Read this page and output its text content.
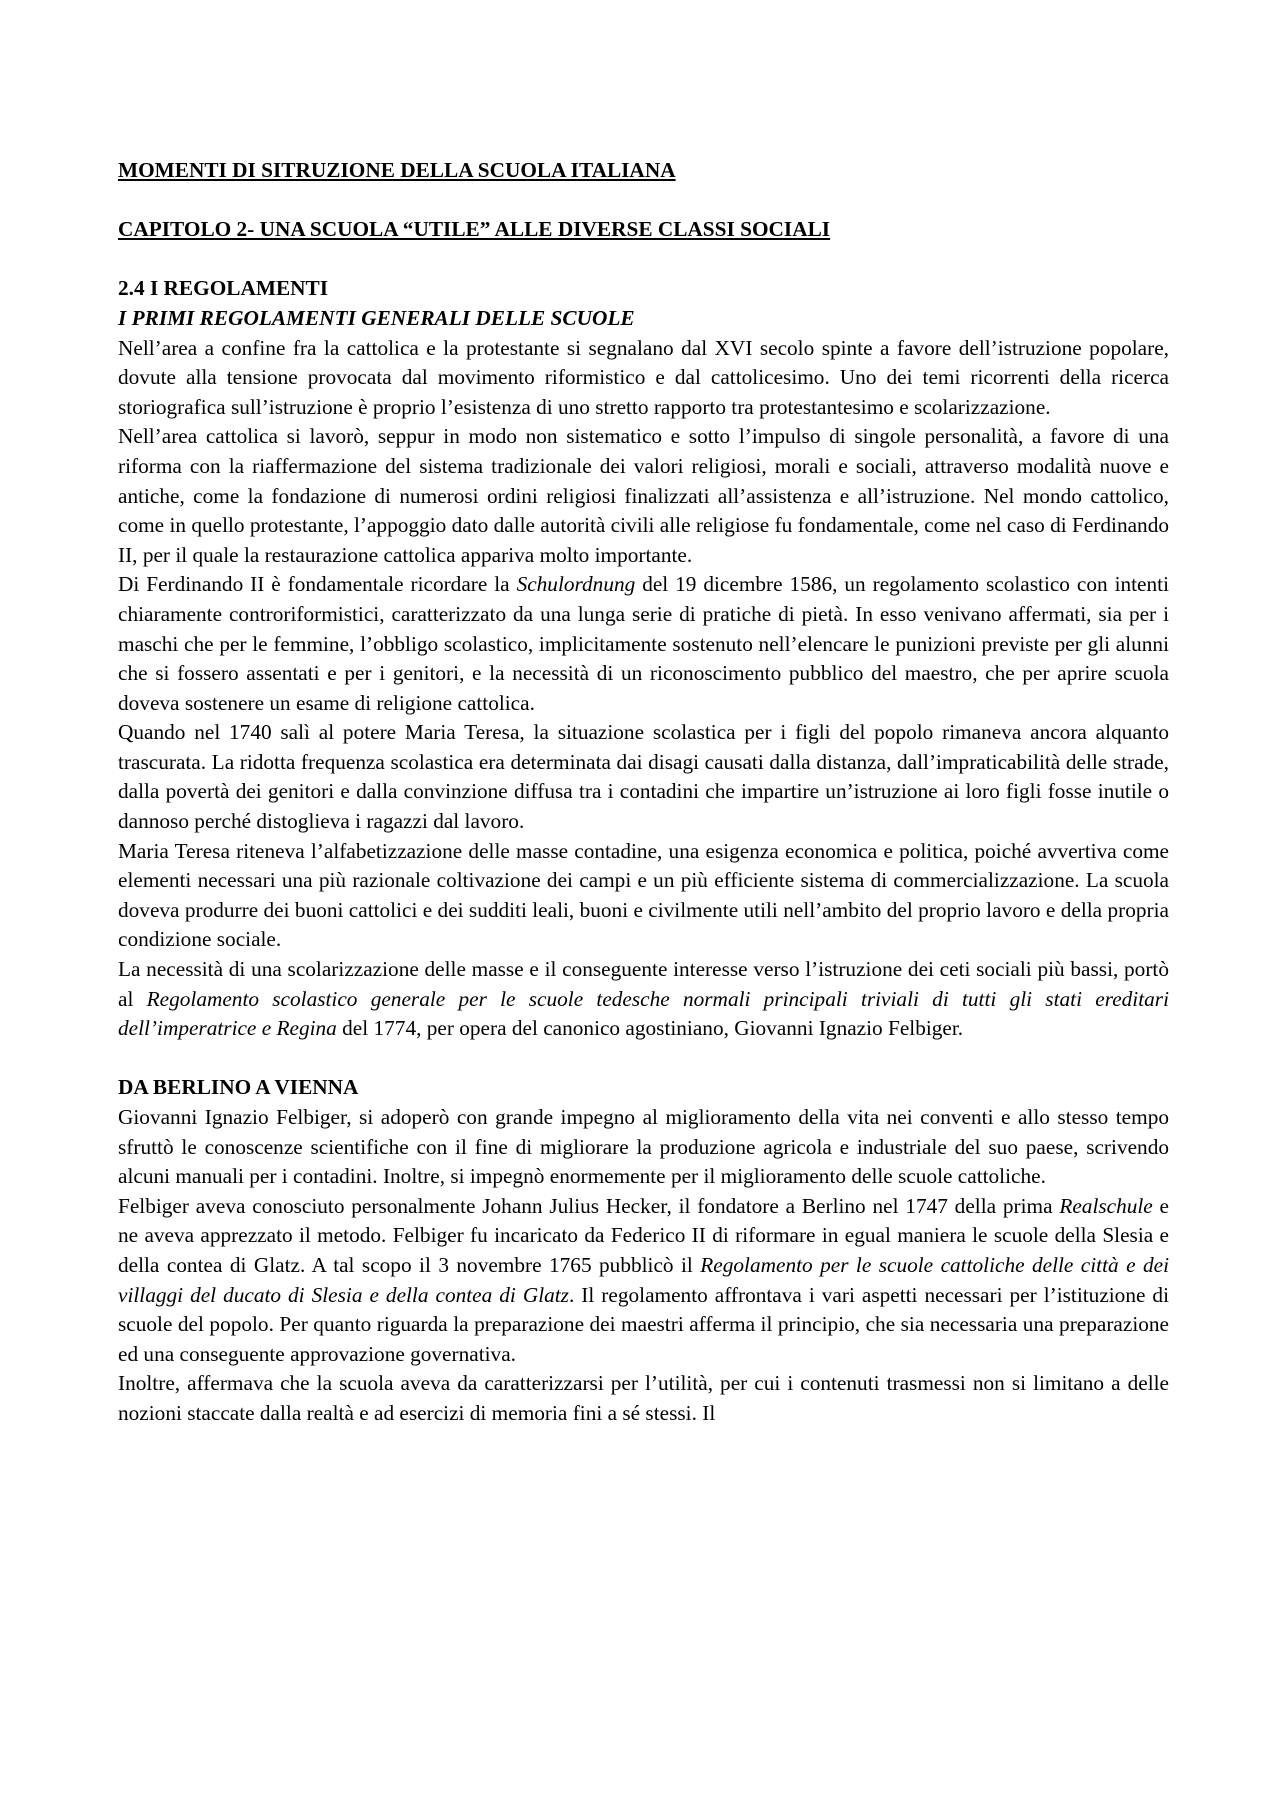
MOMENTI DI SITRUZIONE DELLA SCUOLA ITALIANA

CAPITOLO 2- UNA SCUOLA “UTILE” ALLE DIVERSE CLASSI SOCIALI

2.4 I REGOLAMENTI

I PRIMI REGOLAMENTI GENERALI DELLE SCUOLE

Nell’area a confine fra la cattolica e la protestante si segnalano dal XVI secolo spinte a favore dell’istruzione popolare, dovute alla tensione provocata dal movimento riformistico e dal cattolicesimo. Uno dei temi ricorrenti della ricerca storiografica sull’istruzione è proprio l’esistenza di uno stretto rapporto tra protestantesimo e scolarizzazione.

Nell’area cattolica si lavorò, seppur in modo non sistematico e sotto l’impulso di singole personalità, a favore di una riforma con la riaffermazione del sistema tradizionale dei valori religiosi, morali e sociali, attraverso modalità nuove e antiche, come la fondazione di numerosi ordini religiosi finalizzati all’assistenza e all’istruzione. Nel mondo cattolico, come in quello protestante, l’appoggio dato dalle autorità civili alle religiose fu fondamentale, come nel caso di Ferdinando II, per il quale la restaurazione cattolica appariva molto importante.

Di Ferdinando II è fondamentale ricordare la Schulordnung del 19 dicembre 1586, un regolamento scolastico con intenti chiaramente controriformistici, caratterizzato da una lunga serie di pratiche di pietà. In esso venivano affermati, sia per i maschi che per le femmine, l’obbligo scolastico, implicitamente sostenuto nell’elencare le punizioni previste per gli alunni che si fossero assentati e per i genitori, e la necessità di un riconoscimento pubblico del maestro, che per aprire scuola doveva sostenere un esame di religione cattolica.

Quando nel 1740 salì al potere Maria Teresa, la situazione scolastica per i figli del popolo rimaneva ancora alquanto trascurata. La ridotta frequenza scolastica era determinata dai disagi causati dalla distanza, dall’impraticabilità delle strade, dalla povertà dei genitori e dalla convinzione diffusa tra i contadini che impartire un’istruzione ai loro figli fosse inutile o dannoso perché distoglieva i ragazzi dal lavoro.

Maria Teresa riteneva l’alfabetizzazione delle masse contadine, una esigenza economica e politica, poiché avvertiva come elementi necessari una più razionale coltivazione dei campi e un più efficiente sistema di commercializzazione. La scuola doveva produrre dei buoni cattolici e dei sudditi leali, buoni e civilmente utili nell’ambito del proprio lavoro e della propria condizione sociale.

La necessità di una scolarizzazione delle masse e il conseguente interesse verso l’istruzione dei ceti sociali più bassi, portò al Regolamento scolastico generale per le scuole tedesche normali principali triviali di tutti gli stati ereditari dell’imperatrice e Regina del 1774, per opera del canonico agostiniano, Giovanni Ignazio Felbiger.

DA BERLINO A VIENNA

Giovanni Ignazio Felbiger, si adoperò con grande impegno al miglioramento della vita nei conventi e allo stesso tempo sfruttò le conoscenze scientifiche con il fine di migliorare la produzione agricola e industriale del suo paese, scrivendo alcuni manuali per i contadini. Inoltre, si impegnò enormemente per il miglioramento delle scuole cattoliche.

Felbiger aveva conosciuto personalmente Johann Julius Hecker, il fondatore a Berlino nel 1747 della prima Realschule e ne aveva apprezzato il metodo. Felbiger fu incaricato da Federico II di riformare in egual maniera le scuole della Slesia e della contea di Glatz. A tal scopo il 3 novembre 1765 pubblicò il Regolamento per le scuole cattoliche delle città e dei villaggi del ducato di Slesia e della contea di Glatz. Il regolamento affrontava i vari aspetti necessari per l’istituzione di scuole del popolo. Per quanto riguarda la preparazione dei maestri afferma il principio, che sia necessaria una preparazione ed una conseguente approvazione governativa.

Inoltre, affermava che la scuola aveva da caratterizzarsi per l’utilità, per cui i contenuti trasmessi non si limitano a delle nozioni staccate dalla realtà e ad esercizi di memoria fini a sé stessi. Il
